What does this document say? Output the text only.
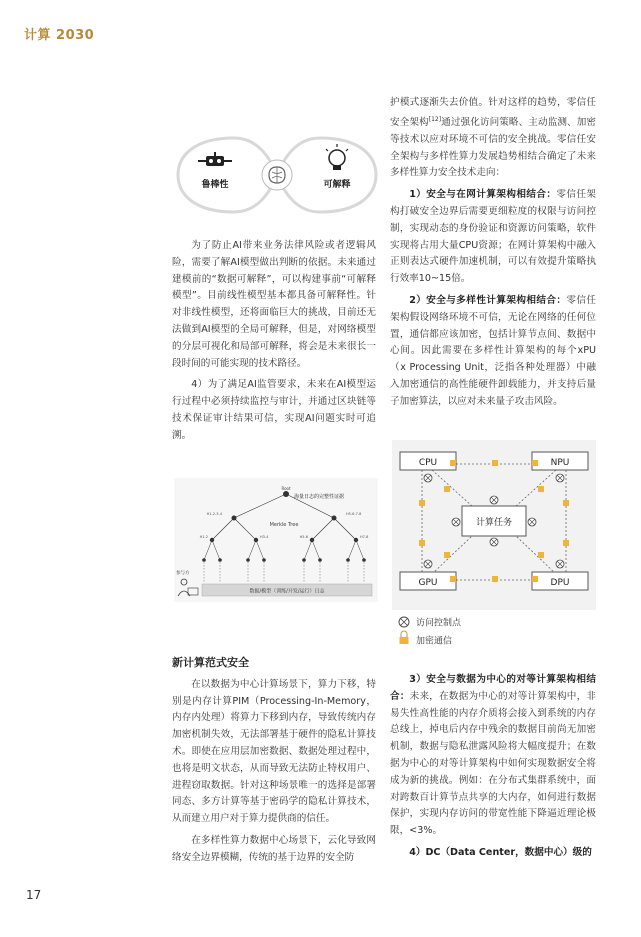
计算 2030
鲁棒性	可解释

为了防止AI带来业务法律风险或者逻辑风险，需要了解AI模型做出判断的依据。未来通过建模前的“数据可解释”，可以构建事前“可解释模型”。目前线性模型基本都具备可解释性。针对非线性模型，还将面临巨大的挑战，目前还无法做到AI模型的全局可解释，但是，对网络模型的分层可视化和局部可解释，将会是未来很长一段时间的可能实现的技术路径。

4）为了满足AI监管要求，未来在AI模型运行过程中必须持续监控与审计，并通过区块链等技术保证审计结果可信，实现AI问题实时可追溯。

Root
海量日志的完整性证据
H1-2-3-4	H5-6-7-8
Merkle Tree
H1-2	H3-4	H5-6	H7-8
参与方
数据/模型（训练/开发/运行）日志

新计算范式安全

在以数据为中心计算场景下，算力下移，特别是内存计算PIM（Processing-In-Memory，内存内处理）将算力下移到内存，导致传统内存加密机制失效，无法部署基于硬件的隐私计算技术。即使在应用层加密数据、数据处理过程中，也将是明文状态，从而导致无法防止特权用户、进程窃取数据。针对这种场景唯一的选择是部署同态、多方计算等基于密码学的隐私计算技术，从而建立用户对于算力提供商的信任。

在多样性算力数据中心场景下，云化导致网络安全边界模糊，传统的基于边界的安全防

护模式逐渐失去价值。针对这样的趋势，零信任安全架构[12]通过强化访问策略、主动监测、加密等技术以应对环境不可信的安全挑战。零信任安全架构与多样性算力发展趋势相结合确定了未来多样性算力安全技术走向：

1）安全与在网计算架构相结合：零信任架构打破安全边界后需要更细粒度的权限与访问控制，实现动态的身份验证和资源访问策略，软件实现将占用大量CPU资源；在网计算架构中融入正则表达式硬件加速机制，可以有效提升策略执行效率10~15倍。

2）安全与多样性计算架构相结合：零信任架构假设网络环境不可信，无论在网络的任何位置，通信都应该加密，包括计算节点间、数据中心间。因此需要在多样性计算架构的每个xPU（x Processing Unit，泛指各种处理器）中融入加密通信的高性能硬件卸载能力，并支持后量子加密算法，以应对未来量子攻击风险。

CPU	NPU
GPU	DPU
计算任务
访问控制点
加密通信

3）安全与数据为中心的对等计算架构相结合：未来，在数据为中心的对等计算架构中，非易失性高性能的内存介质将会接入到系统的内存总线上，掉电后内存中残余的数据目前尚无加密机制，数据与隐私泄露风险将大幅度提升；在数据为中心的对等计算架构中如何实现数据安全将成为新的挑战。例如：在分布式集群系统中，面对跨数百计算节点共享的大内存，如何进行数据保护，实现内存访问的带宽性能下降逼近理论极限，<3%。

4）DC（Data Center，数据中心）级的

17
